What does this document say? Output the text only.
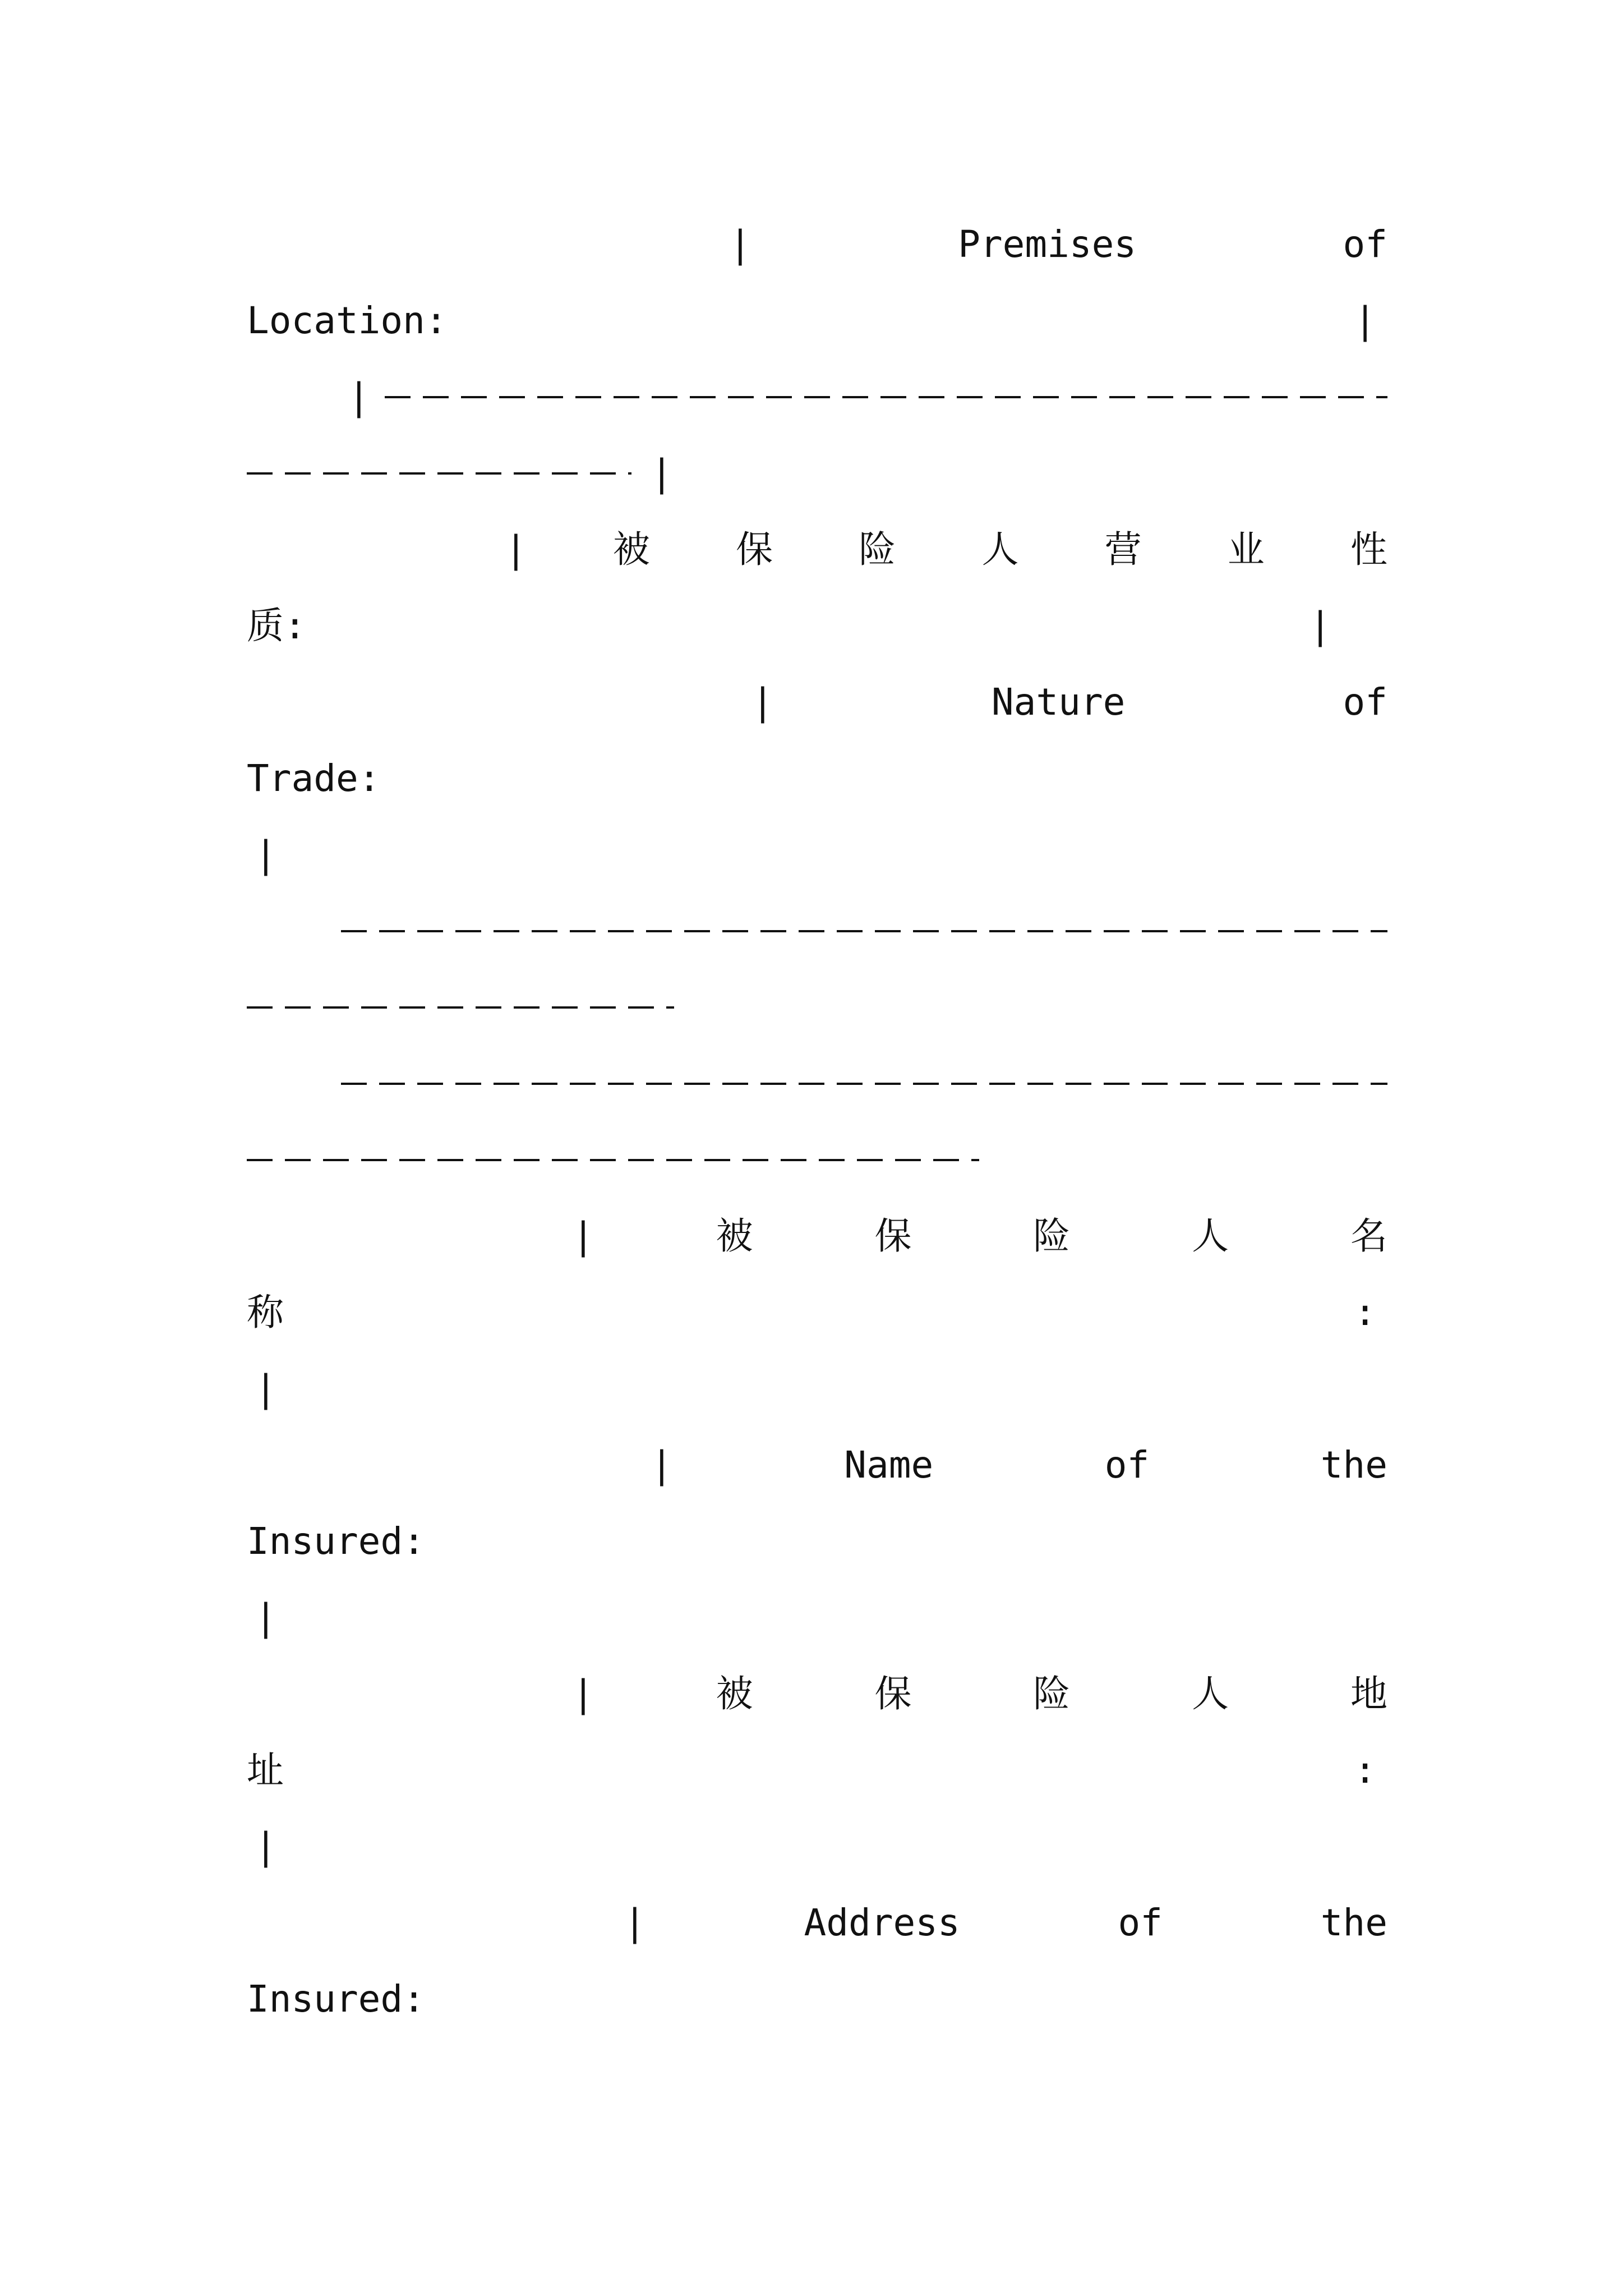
|	Premises	of
Location:	|
|
|
| 被 保 险 人 营 业 性
质:	|
|	Nature	of
Trade:
|
|	被	保	险	人	名
称	:
|
|	Name	of	the
Insured:
|
|	被	保	险	人	地
址	:
|
|	Address	of	the
Insured:
